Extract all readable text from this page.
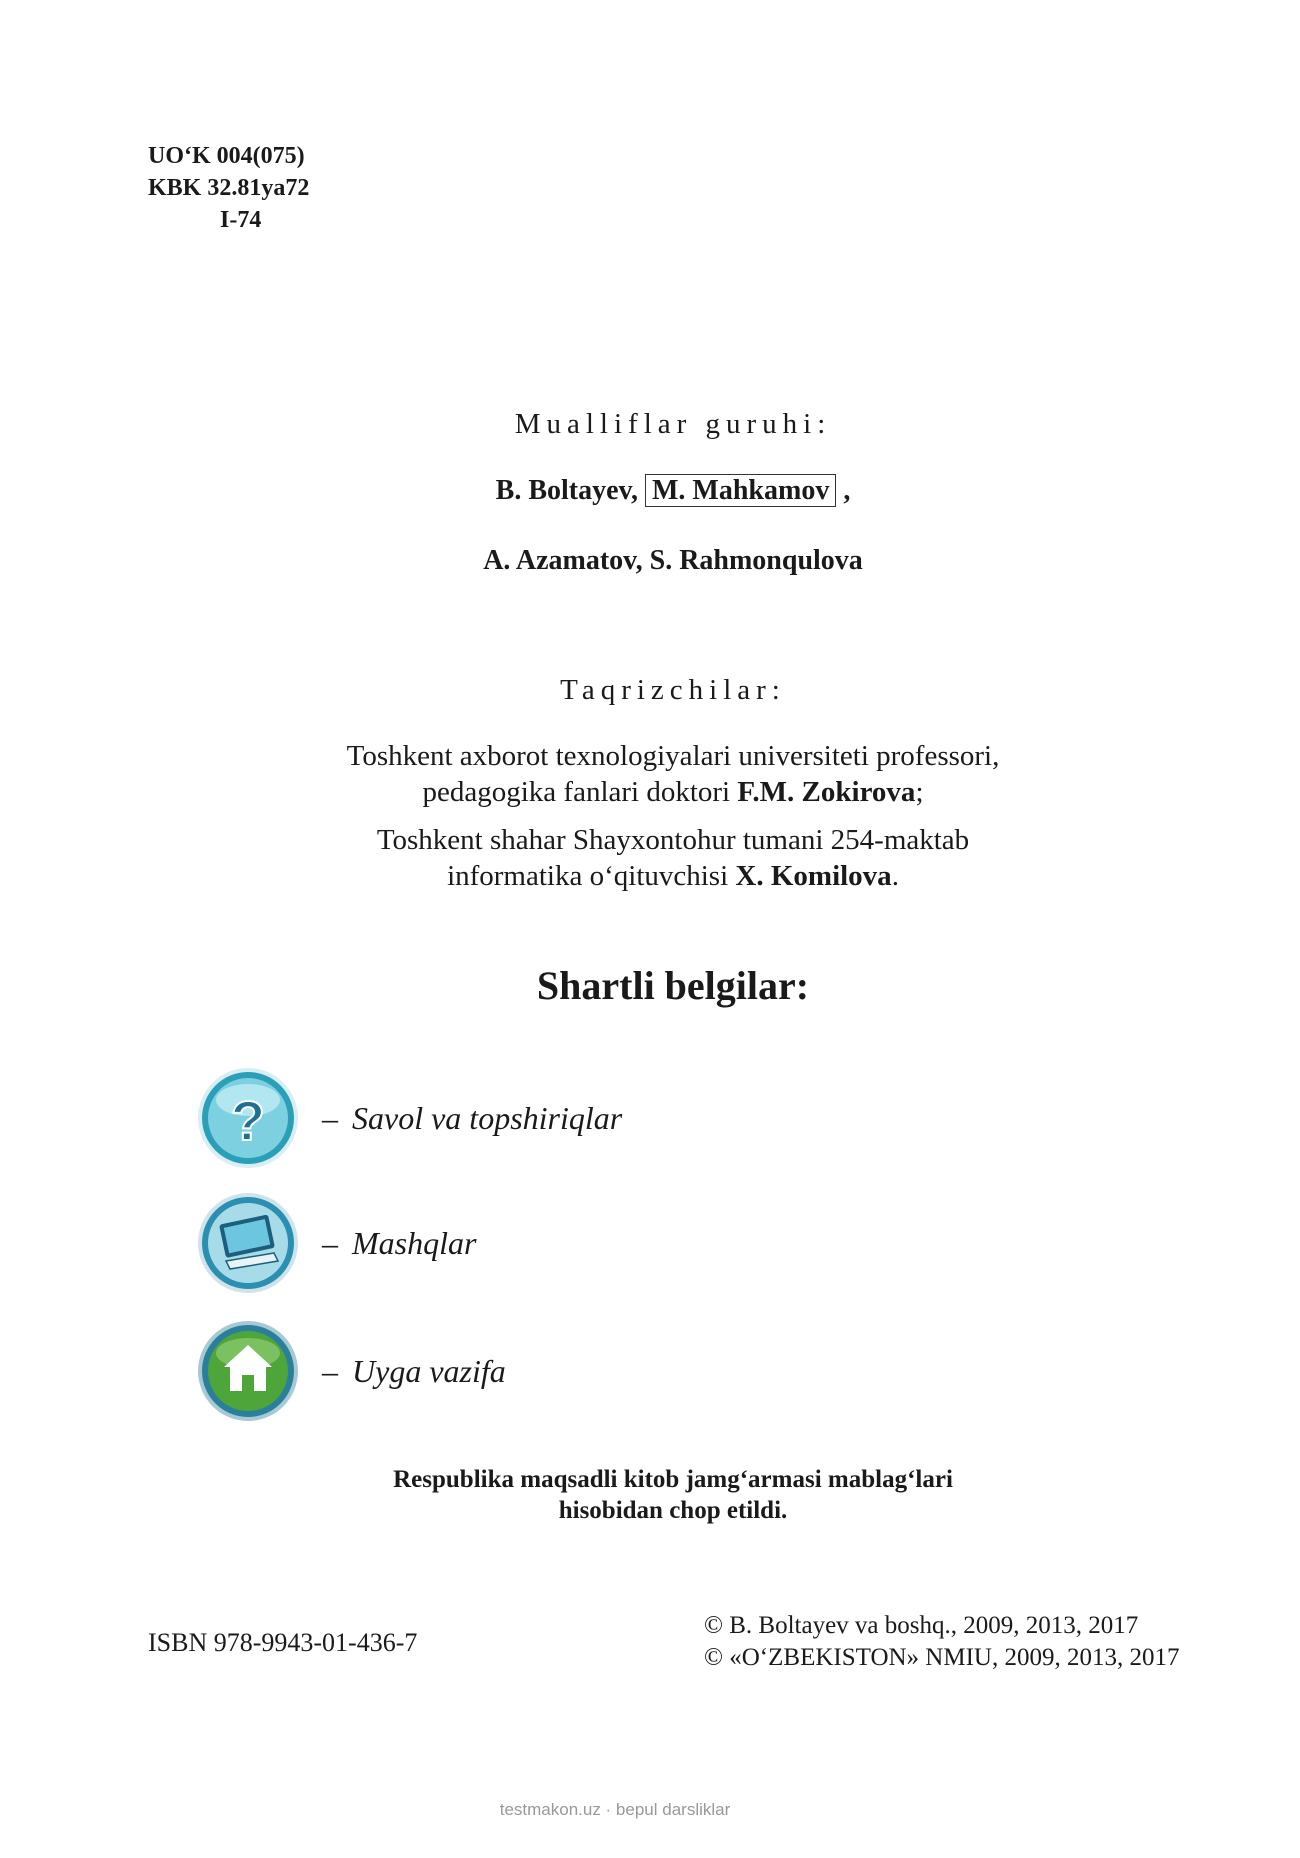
UO‘K 004(075)
KBK 32.81ya72
I-74
Mualliflar guruhi:
B. Boltayev, M. Mahkamov ,
A. Azamatov, S. Rahmonqulova
Taqrizchilar:
Toshkent axborot texnologiyalari universiteti professori,
pedagogika fanlari doktori F.M. Zokirova;
Toshkent shahar Shayxontohur tumani 254-maktab
informatika o‘qituvchisi X. Komilova.
Shartli belgilar:
? – Savol va topshiriqlar
– Mashqlar
– Uyga vazifa
Respublika maqsadli kitob jamg‘armasi mablag‘lari
hisobidan chop etildi.
ISBN 978-9943-01-436-7
© B. Boltayev va boshq., 2009, 2013, 2017
© «O‘ZBEKISTON» NMIU, 2009, 2013, 2017
testmakon.uz · bepul darsliklar
